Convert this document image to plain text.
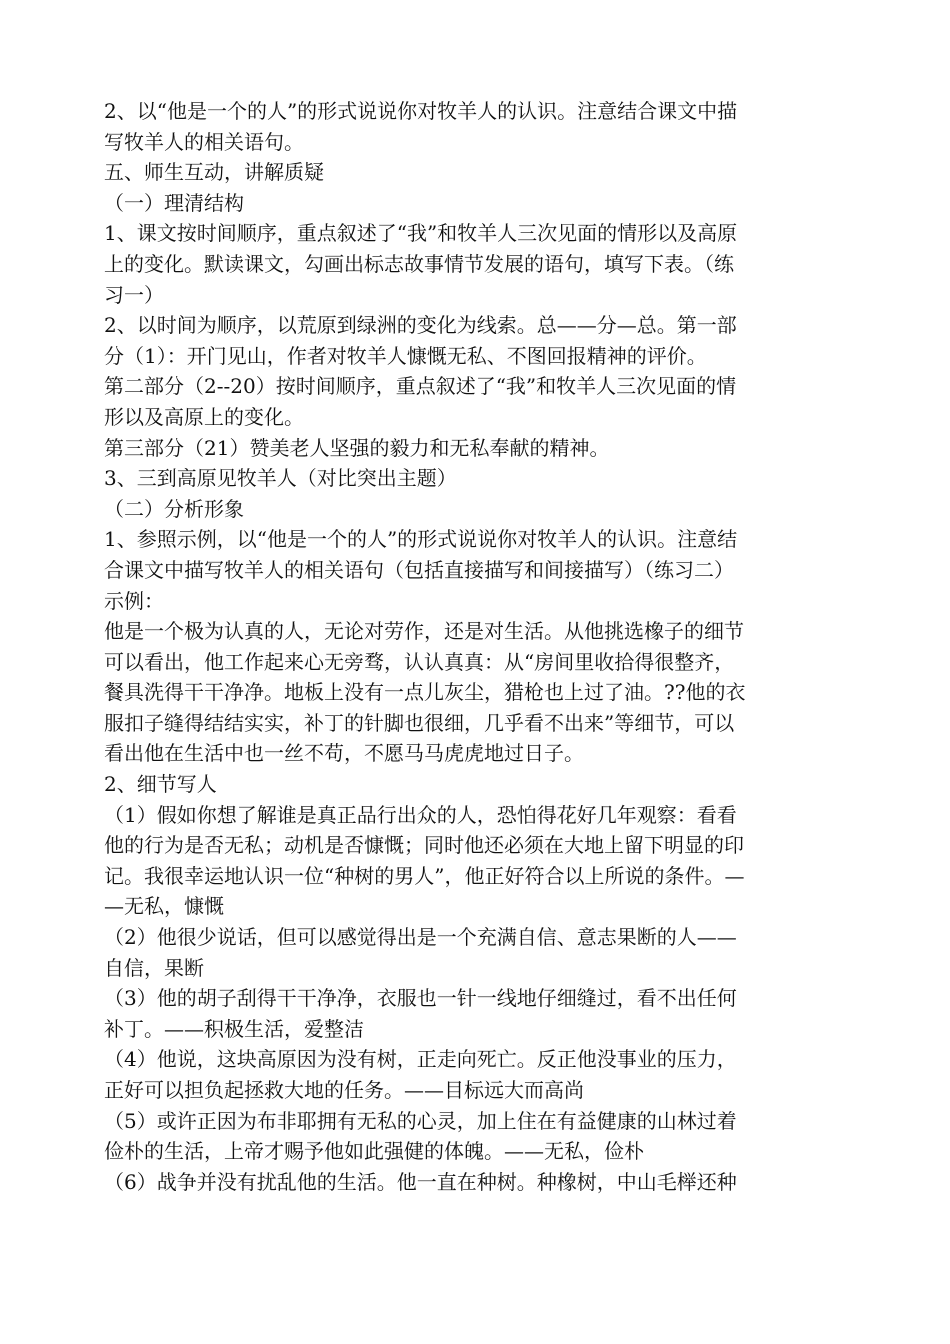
2、以“他是一个的人”的形式说说你对牧羊人的认识。注意结合课文中描
写牧羊人的相关语句。
五、师生互动，讲解质疑
（一）理清结构
1、课文按时间顺序，重点叙述了“我”和牧羊人三次见面的情形以及高原
上的变化。默读课文，勾画出标志故事情节发展的语句，填写下表。（练
习一）
2、以时间为顺序，以荒原到绿洲的变化为线索。总——分—总。第一部
分（1）：开门见山，作者对牧羊人慷慨无私、不图回报精神的评价。
第二部分（2--20）按时间顺序，重点叙述了“我”和牧羊人三次见面的情
形以及高原上的变化。
第三部分（21）赞美老人坚强的毅力和无私奉献的精神。
3、三到高原见牧羊人（对比突出主题）
（二）分析形象
1、参照示例，以“他是一个的人”的形式说说你对牧羊人的认识。注意结
合课文中描写牧羊人的相关语句（包括直接描写和间接描写）（练习二）
示例：
他是一个极为认真的人，无论对劳作，还是对生活。从他挑选橡子的细节
可以看出，他工作起来心无旁骛，认认真真：从“房间里收拾得很整齐，
餐具洗得干干净净。地板上没有一点儿灰尘，猎枪也上过了油。??他的衣
服扣子缝得结结实实，补丁的针脚也很细，几乎看不出来”等细节，可以
看出他在生活中也一丝不苟，不愿马马虎虎地过日子。
2、细节写人
（1）假如你想了解谁是真正品行出众的人，恐怕得花好几年观察：看看
他的行为是否无私；动机是否慷慨；同时他还必须在大地上留下明显的印
记。我很幸运地认识一位“种树的男人”，他正好符合以上所说的条件。—
—无私，慷慨
（2）他很少说话，但可以感觉得出是一个充满自信、意志果断的人——
自信，果断
（3）他的胡子刮得干干净净，衣服也一针一线地仔细缝过，看不出任何
补丁。——积极生活，爱整洁
（4）他说，这块高原因为没有树，正走向死亡。反正他没事业的压力，
正好可以担负起拯救大地的任务。——目标远大而高尚
（5）或许正因为布非耶拥有无私的心灵，加上住在有益健康的山林过着
俭朴的生活，上帝才赐予他如此强健的体魄。——无私，俭朴
（6）战争并没有扰乱他的生活。他一直在种树。种橡树，中山毛榉还种
